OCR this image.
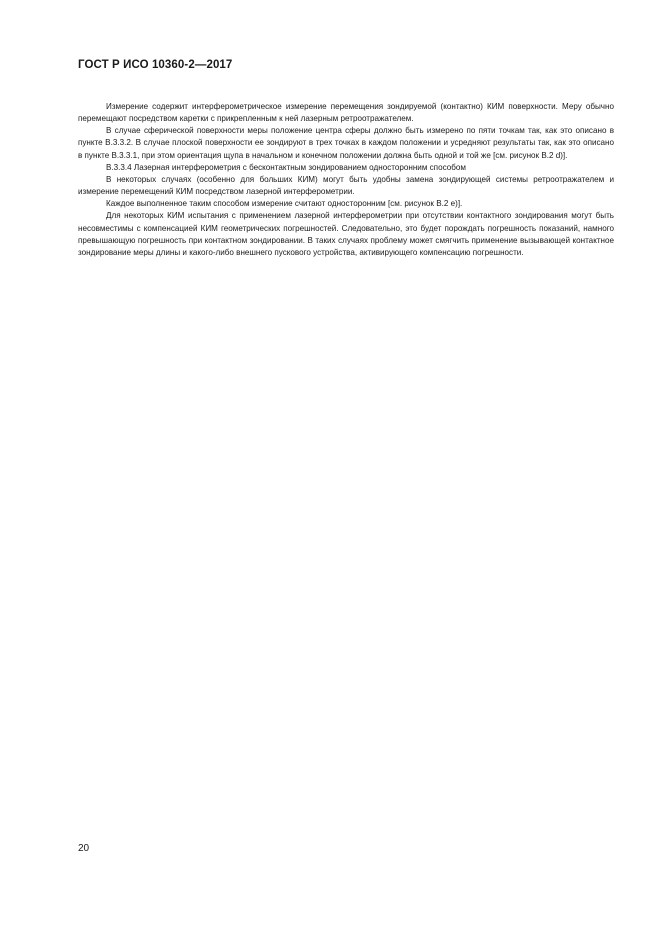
ГОСТ Р ИСО 10360-2—2017

Измерение содержит интерферометрическое измерение перемещения зондируемой (контактно) КИМ поверхности. Меру обычно перемещают посредством каретки с прикрепленным к ней лазерным ретроотражателем.

В случае сферической поверхности меры положение центра сферы должно быть измерено по пяти точкам так, как это описано в пункте B.3.3.2. В случае плоской поверхности ее зондируют в трех точках в каждом положении и усредняют результаты так, как это описано в пункте B.3.3.1, при этом ориентация щупа в начальном и конечном положении должна быть одной и той же [см. рисунок B.2 d)].

B.3.3.4 Лазерная интерферометрия с бесконтактным зондированием односторонним способом

В некоторых случаях (особенно для больших КИМ) могут быть удобны замена зондирующей системы ретроотражателем и измерение перемещений КИМ посредством лазерной интерферометрии.

Каждое выполненное таким способом измерение считают односторонним [см. рисунок B.2 e)].

Для некоторых КИМ испытания с применением лазерной интерферометрии при отсутствии контактного зондирования могут быть несовместимы с компенсацией КИМ геометрических погрешностей. Следовательно, это будет порождать погрешность показаний, намного превышающую погрешность при контактном зондировании. В таких случаях проблему может смягчить применение вызывающей контактное зондирование меры длины и какого-либо внешнего пускового устройства, активирующего компенсацию погрешности.

20
